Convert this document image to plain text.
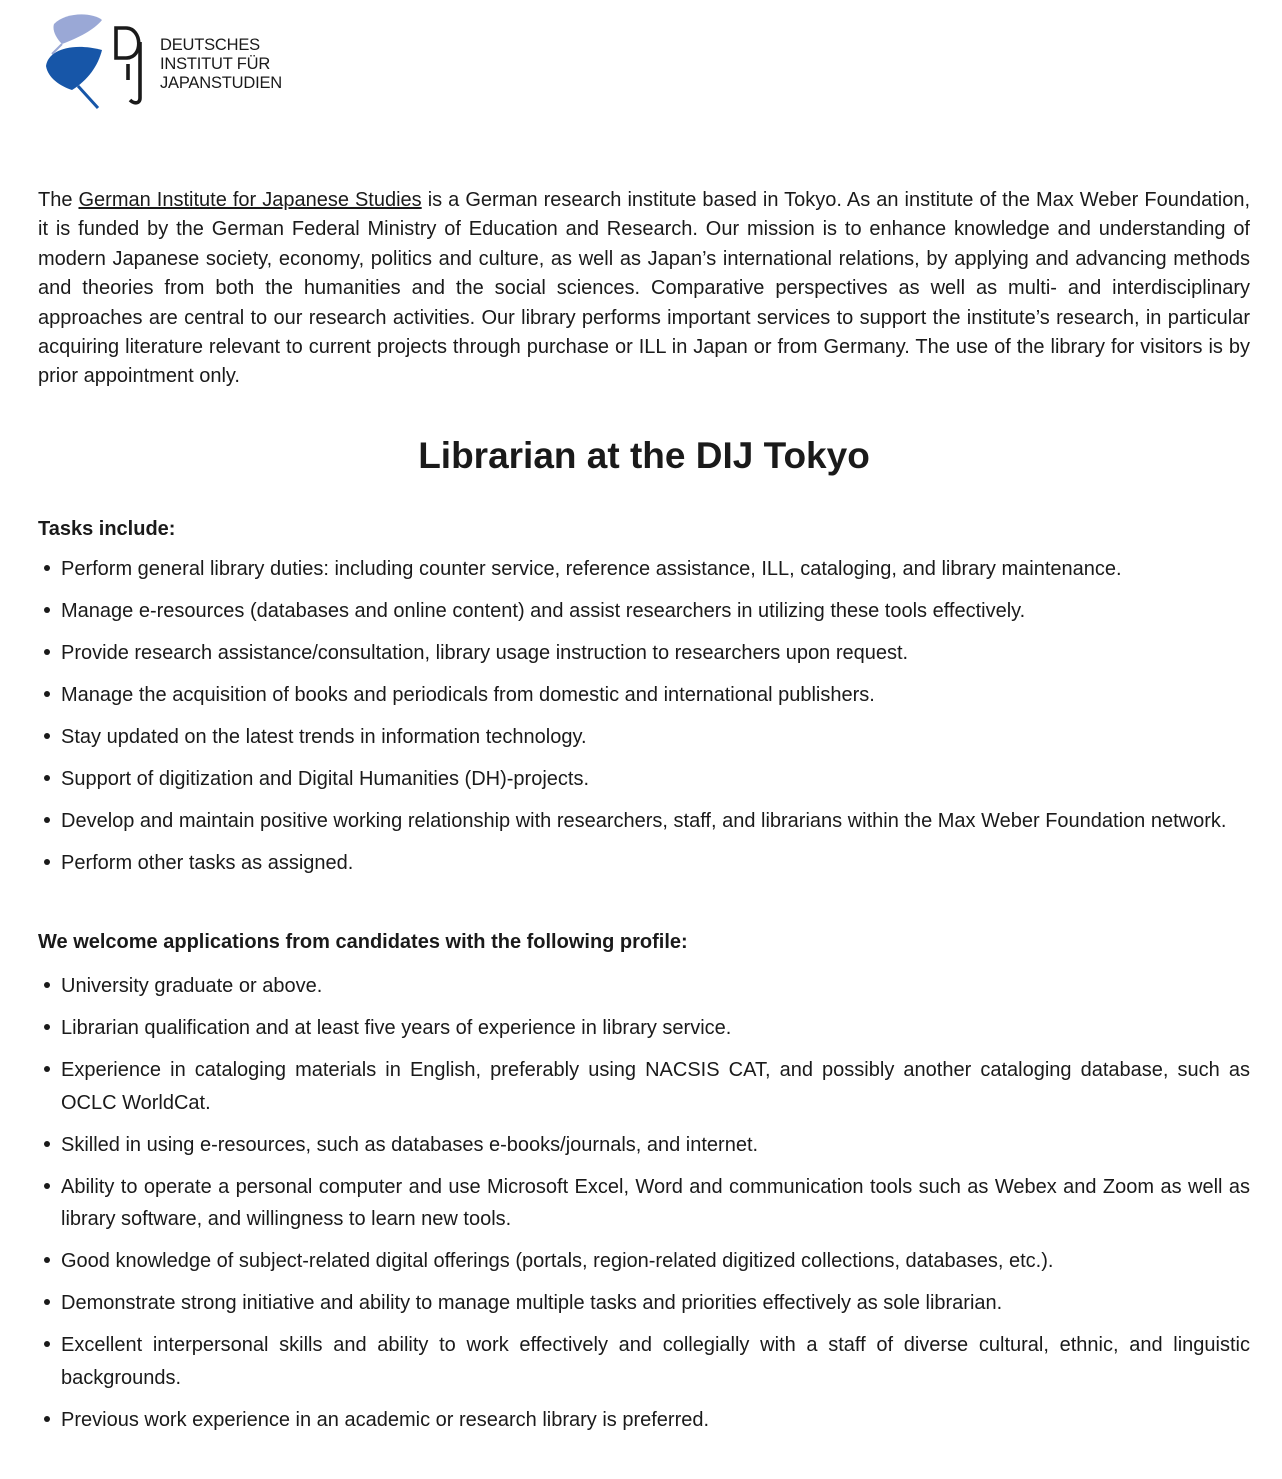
DEUTSCHES
INSTITUT FÜR
JAPANSTUDIEN

The German Institute for Japanese Studies is a German research institute based in Tokyo. As an institute of the Max Weber Foundation, it is funded by the German Federal Ministry of Education and Research. Our mission is to enhance knowledge and understanding of modern Japanese society, economy, politics and culture, as well as Japan’s international relations, by applying and advancing methods and theories from both the humanities and the social sciences. Comparative perspectives as well as multi- and interdisciplinary approaches are central to our research activities. Our library performs important services to support the institute’s research, in particular acquiring literature relevant to current projects through purchase or ILL in Japan or from Germany. The use of the library for visitors is by prior appointment only.

Librarian at the DIJ Tokyo
Tasks include:
Perform general library duties: including counter service, reference assistance, ILL, cataloging, and library maintenance.
Manage e-resources (databases and online content) and assist researchers in utilizing these tools effectively.
Provide research assistance/consultation, library usage instruction to researchers upon request.
Manage the acquisition of books and periodicals from domestic and international publishers.
Stay updated on the latest trends in information technology.
Support of digitization and Digital Humanities (DH)-projects.
Develop and maintain positive working relationship with researchers, staff, and librarians within the Max Weber Foundation network.
Perform other tasks as assigned.
We welcome applications from candidates with the following profile:
University graduate or above.
Librarian qualification and at least five years of experience in library service.
Experience in cataloging materials in English, preferably using NACSIS CAT, and possibly another cataloging database, such as OCLC WorldCat.
Skilled in using e-resources, such as databases e-books/journals, and internet.
Ability to operate a personal computer and use Microsoft Excel, Word and communication tools such as Webex and Zoom as well as library software, and willingness to learn new tools.
Good knowledge of subject-related digital offerings (portals, region-related digitized collections, databases, etc.).
Demonstrate strong initiative and ability to manage multiple tasks and priorities effectively as sole librarian.
Excellent interpersonal skills and ability to work effectively and collegially with a staff of diverse cultural, ethnic, and linguistic backgrounds.
Previous work experience in an academic or research library is preferred.
